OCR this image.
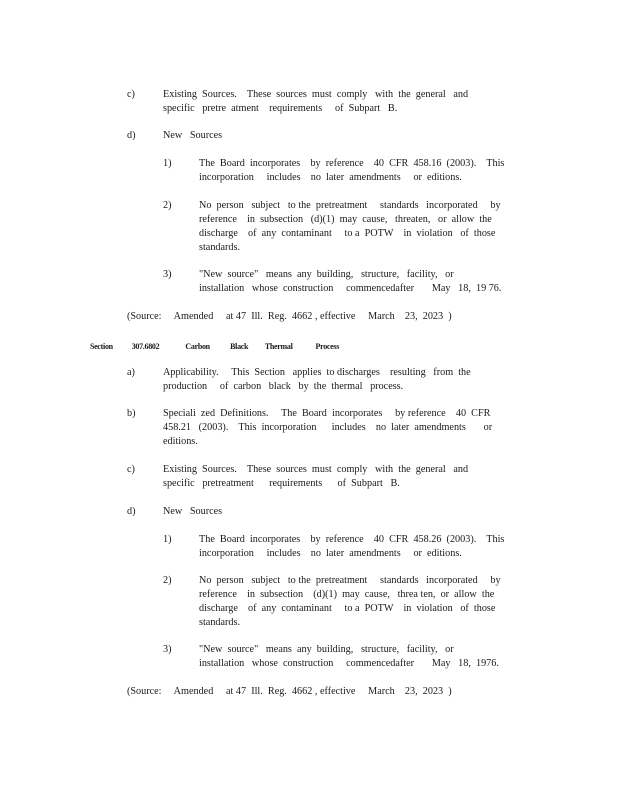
c)	Existing  Sources.    These  sources  must  comply   with  the  general   and
specific   pretre  atment    requirements     of  Subpart   B.
d)	New   Sources
1)	The  Board  incorporates    by  reference    40  CFR  458.16  (2003).    This
incorporation     includes    no  later  amendments     or  editions.
2)	No  person   subject   to the  pretreatment     standards   incorporated     by
reference    in  subsection   (d)(1)  may  cause,   threaten,   or  allow  the
discharge    of  any  contaminant     to a  POTW    in  violation   of  those
standards.
3)	"New  source"   means  any  building,   structure,   facility,   or
installation   whose  construction     commencedafter       May   18,  19 76.
(Source:     Amended     at 47  Ill.  Reg.  4662 , effective     March    23,  2023  )
Section 307.6802	Carbon	Black Thermal	Process
a)	Applicability.     This  Section   applies  to discharges    resulting   from  the
production     of  carbon   black   by  the  thermal   process.
b)	Speciali  zed  Definitions.     The  Board  incorporates     by reference    40  CFR
458.21   (2003).    This  incorporation      includes    no  later  amendments       or
editions.
c)	Existing  Sources.    These  sources  must  comply   with  the  general   and
specific   pretreatment      requirements      of  Subpart   B.
d)	New   Sources
1)	The  Board  incorporates    by  reference    40  CFR  458.26  (2003).    This
incorporation     includes    no  later  amendments     or  editions.
2)	No  person   subject   to the  pretreatment     standards   incorporated     by
reference    in  subsection    (d)(1)  may  cause,   threa ten,  or  allow  the
discharge    of  any  contaminant     to a  POTW    in  violation   of  those
standards.
3)	"New  source"   means  any  building,   structure,   facility,   or
installation   whose  construction     commencedafter       May   18,  1976.
(Source:     Amended     at 47  Ill.  Reg.  4662 , effective     March    23,  2023  )
